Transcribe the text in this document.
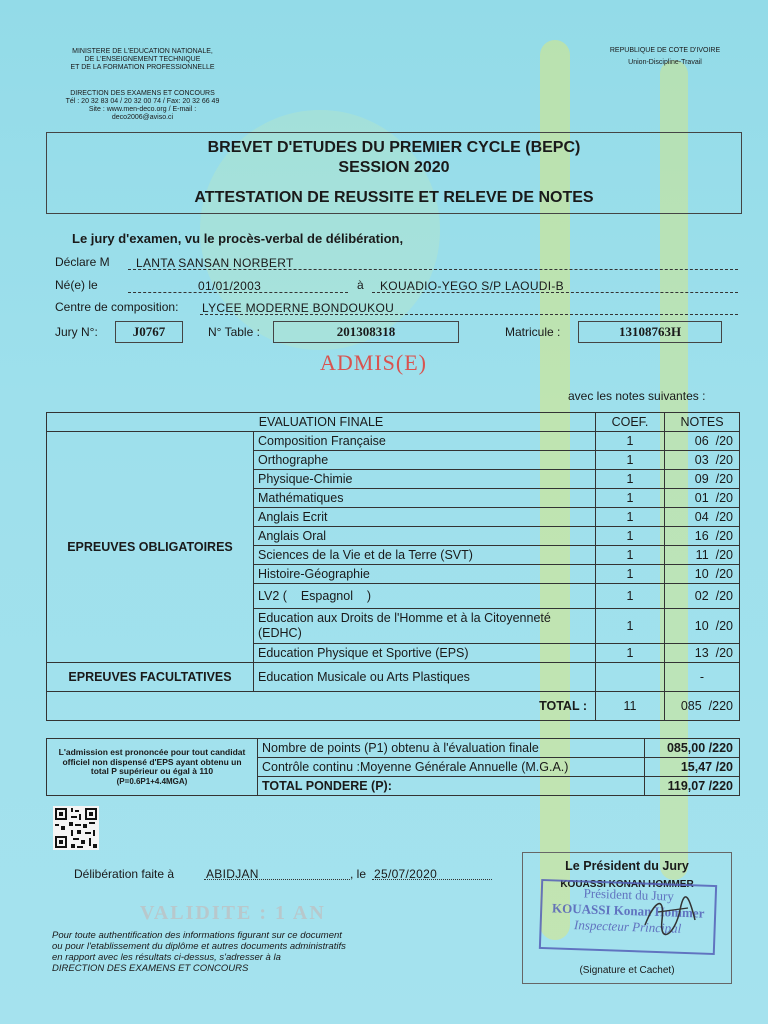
MINISTERE DE L'EDUCATION NATIONALE,
DE L'ENSEIGNEMENT TECHNIQUE
ET DE LA FORMATION PROFESSIONNELLE
DIRECTION DES EXAMENS ET CONCOURS
Tél : 20 32 83 04 / 20 32 00 74 / Fax: 20 32 66 49
Site : www.men-deco.org / E-mail :
deco2006@aviso.ci
REPUBLIQUE DE COTE D'IVOIRE
Union-Discipline-Travail
BREVET D'ETUDES DU PREMIER CYCLE (BEPC)
SESSION 2020
ATTESTATION DE REUSSITE ET RELEVE DE NOTES
Le jury d'examen, vu le procès-verbal de délibération,
Déclare M	LANTA SANSAN NORBERT
Né(e) le	01/01/2003	à	KOUADIO-YEGO S/P LAOUDI-B
Centre de composition: LYCEE MODERNE BONDOUKOU
Jury N°:	J0767	N° Table :	201308318	Matricule :	13108763H
ADMIS(E)
avec les notes suivantes :
EVALUATION FINALE		COEF.	NOTES
EPREUVES OBLIGATOIRES	Composition Française	1	06 /20
	Orthographe	1	03 /20
	Physique-Chimie	1	09 /20
	Mathématiques	1	01 /20
	Anglais Ecrit	1	04 /20
	Anglais Oral	1	16 /20
	Sciences de la Vie et de la Terre (SVT)	1	11 /20
	Histoire-Géographie	1	10 /20
	LV2 (    Espagnol    )	1	02 /20
	Education aux Droits de l'Homme et à la Citoyenneté (EDHC)	1	10 /20
	Education Physique et Sportive (EPS)	1	13 /20
EPREUVES FACULTATIVES	Education Musicale ou Arts Plastiques		-
TOTAL :		11	085 /220
L'admission est prononcée pour tout candidat officiel non dispensé d'EPS ayant obtenu un total P supérieur ou égal à 110
(P=0.6P1+4.4MGA)	Nombre de points (P1) obtenu à l'évaluation finale	085,00 /220
	Contrôle continu :Moyenne Générale Annuelle (M.G.A.)	15,47 /20
	TOTAL PONDERE (P):	119,07 /220
Délibération faite à	ABIDJAN	, le 25/07/2020
VALIDITE : 1 AN
Le Président du Jury
KOUASSI KONAN HOMMER
(Signature et Cachet)
Président du Jury
KOUASSI Konan Hommer
Inspecteur Principal
Pour toute authentification des informations figurant sur ce document
ou pour l'etablissement du diplôme et autres documents administratifs
en rapport avec les résultats ci-dessus, s'adresser à la
DIRECTION DES EXAMENS ET CONCOURS
